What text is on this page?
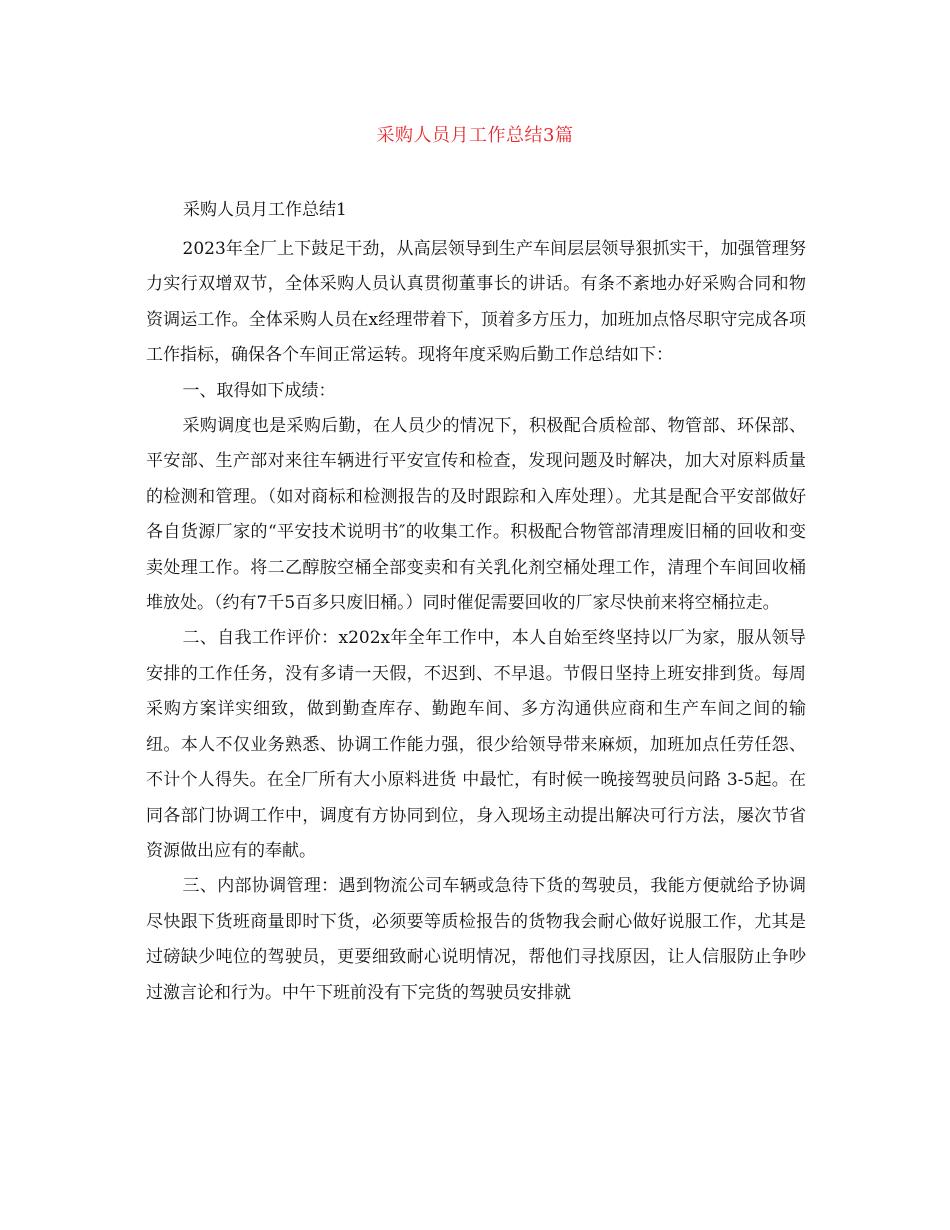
采购人员月工作总结3篇
采购人员月工作总结1

2023年全厂上下鼓足干劲，从高层领导到生产车间层层领导狠抓实干，加强管理努力实行双增双节，全体采购人员认真贯彻董事长的讲话。有条不紊地办好采购合同和物资调运工作。全体采购人员在x经理带着下，顶着多方压力，加班加点恪尽职守完成各项工作指标，确保各个车间正常运转。现将年度采购后勤工作总结如下：

一、取得如下成绩：

采购调度也是采购后勤，在人员少的情况下，积极配合质检部、物管部、环保部、平安部、生产部对来往车辆进行平安宣传和检查，发现问题及时解决，加大对原料质量的检测和管理。（如对商标和检测报告的及时跟踪和入库处理）。尤其是配合平安部做好各自货源厂家的“平安技术说明书″的收集工作。积极配合物管部清理废旧桶的回收和变卖处理工作。将二乙醇胺空桶全部变卖和有关乳化剂空桶处理工作，清理个车间回收桶堆放处。（约有7千5百多只废旧桶。）同时催促需要回收的厂家尽快前来将空桶拉走。

二、自我工作评价：x202x年全年工作中，本人自始至终坚持以厂为家，服从领导安排的工作任务，没有多请一天假，不迟到、不早退。节假日坚持上班安排到货。每周采购方案详实细致，做到勤查库存、勤跑车间、多方沟通供应商和生产车间之间的输纽。本人不仅业务熟悉、协调工作能力强，很少给领导带来麻烦，加班加点任劳任怨、不计个人得失。在全厂所有大小原料进货 中最忙，有时候一晚接驾驶员问路 3-5起。在同各部门协调工作中，调度有方协同到位，身入现场主动提出解决可行方法，屡次节省资源做出应有的奉献。

三、内部协调管理：遇到物流公司车辆或急待下货的驾驶员，我能方便就给予协调尽快跟下货班商量即时下货，必须要等质检报告的货物我会耐心做好说服工作，尤其是过磅缺少吨位的驾驶员，更要细致耐心说明情况，帮他们寻找原因，让人信服防止争吵过激言论和行为。中午下班前没有下完货的驾驶员安排就
